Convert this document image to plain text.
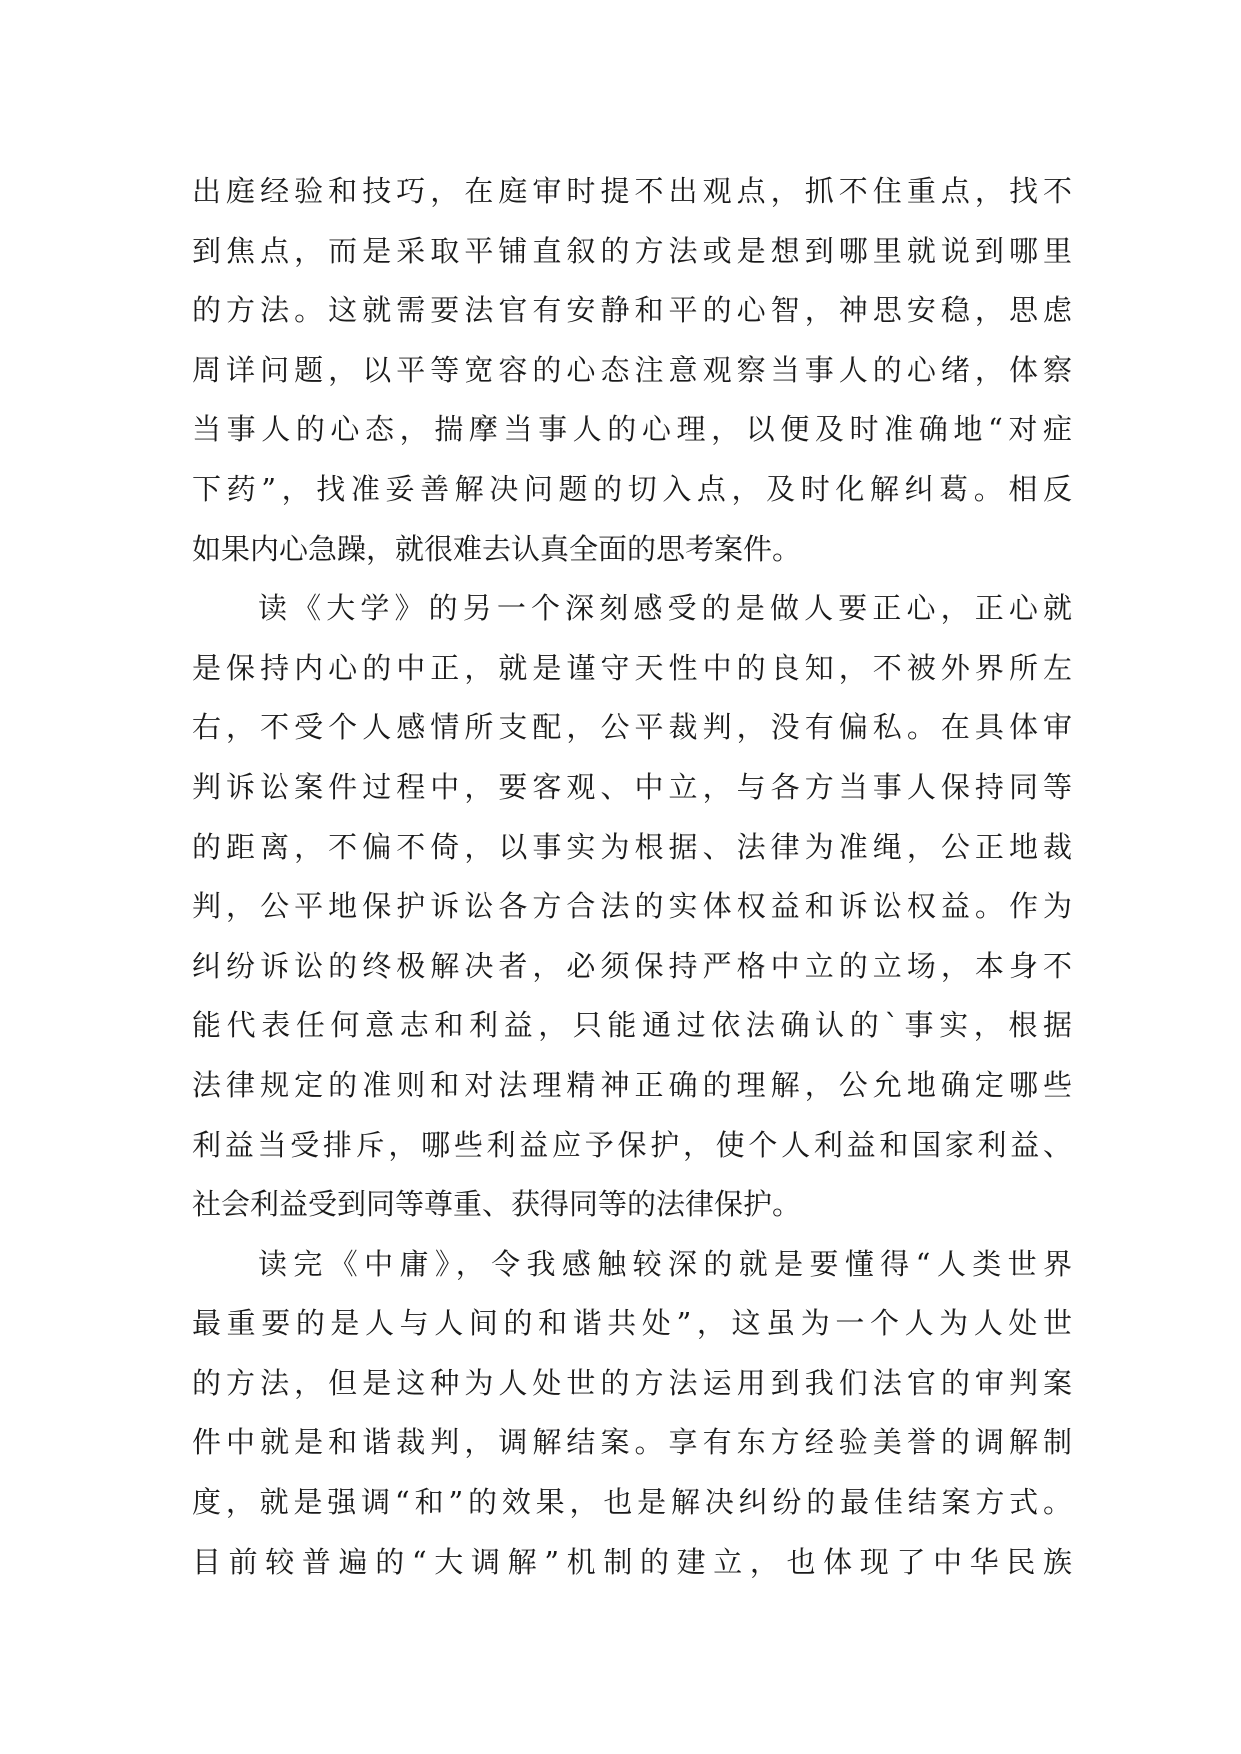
出庭经验和技巧，在庭审时提不出观点，抓不住重点，找不
到焦点，而是采取平铺直叙的方法或是想到哪里就说到哪里
的方法。这就需要法官有安静和平的心智，神思安稳，思虑
周详问题，以平等宽容的心态注意观察当事人的心绪，体察
当事人的心态，揣摩当事人的心理，以便及时准确地“对症
下药”，找准妥善解决问题的切入点，及时化解纠葛。相反
如果内心急躁，就很难去认真全面的思考案件。
读《大学》的另一个深刻感受的是做人要正心，正心就
是保持内心的中正，就是谨守天性中的良知，不被外界所左
右，不受个人感情所支配，公平裁判，没有偏私。在具体审
判诉讼案件过程中，要客观、中立，与各方当事人保持同等
的距离，不偏不倚，以事实为根据、法律为准绳，公正地裁
判，公平地保护诉讼各方合法的实体权益和诉讼权益。作为
纠纷诉讼的终极解决者，必须保持严格中立的立场，本身不
能代表任何意志和利益，只能通过依法确认的`事实，根据
法律规定的准则和对法理精神正确的理解，公允地确定哪些
利益当受排斥，哪些利益应予保护，使个人利益和国家利益、
社会利益受到同等尊重、获得同等的法律保护。
读完《中庸》，令我感触较深的就是要懂得“人类世界
最重要的是人与人间的和谐共处”，这虽为一个人为人处世
的方法，但是这种为人处世的方法运用到我们法官的审判案
件中就是和谐裁判，调解结案。享有东方经验美誉的调解制
度，就是强调“和”的效果，也是解决纠纷的最佳结案方式。
目前较普遍的“大调解”机制的建立，也体现了中华民族
